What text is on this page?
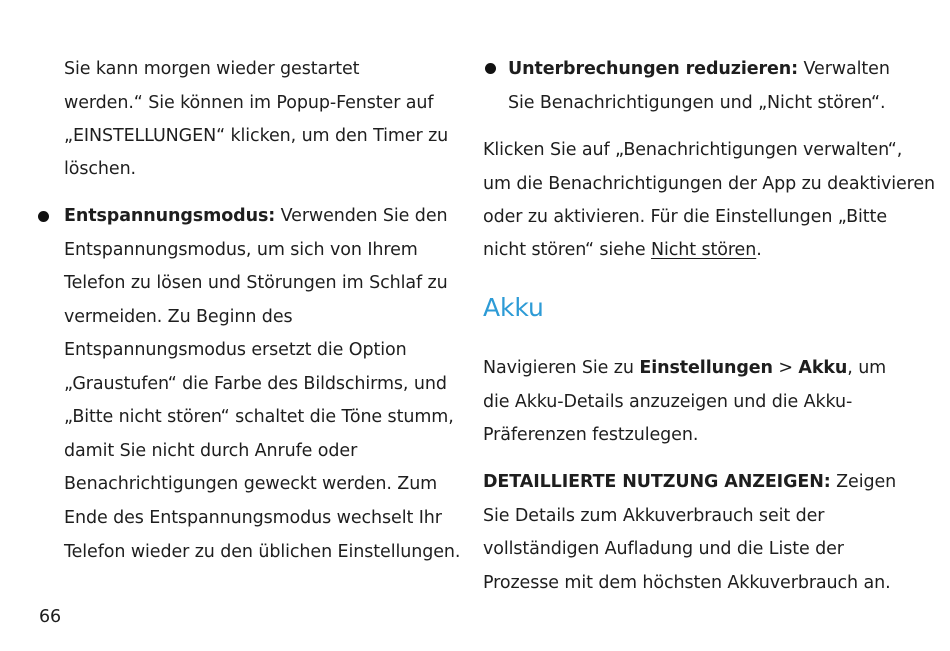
Sie kann morgen wieder gestartet
werden.“ Sie können im Popup-Fenster auf
„EINSTELLUNGEN“ klicken, um den Timer zu
löschen.
Entspannungsmodus: Verwenden Sie den
Entspannungsmodus, um sich von Ihrem
Telefon zu lösen und Störungen im Schlaf zu
vermeiden. Zu Beginn des
Entspannungsmodus ersetzt die Option
„Graustufen“ die Farbe des Bildschirms, und
„Bitte nicht stören“ schaltet die Töne stumm,
damit Sie nicht durch Anrufe oder
Benachrichtigungen geweckt werden. Zum
Ende des Entspannungsmodus wechselt Ihr
Telefon wieder zu den üblichen Einstellungen.
Unterbrechungen reduzieren: Verwalten
Sie Benachrichtigungen und „Nicht stören“.
Klicken Sie auf „Benachrichtigungen verwalten“,
um die Benachrichtigungen der App zu deaktivieren
oder zu aktivieren. Für die Einstellungen „Bitte
nicht stören“ siehe Nicht stören.
Akku
Navigieren Sie zu Einstellungen > Akku, um
die Akku-Details anzuzeigen und die Akku-
Präferenzen festzulegen.
DETAILLIERTE NUTZUNG ANZEIGEN: Zeigen
Sie Details zum Akkuverbrauch seit der
vollständigen Aufladung und die Liste der
Prozesse mit dem höchsten Akkuverbrauch an.
66
